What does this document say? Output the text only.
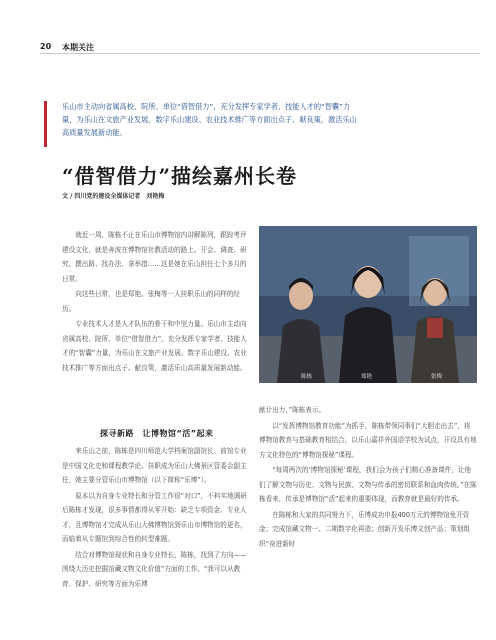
20 本期关注
乐山市主动向省属高校、院所、单位“借智借力”，充分发挥专家学者、技能人才的“智囊”力量，为乐山在文旅产业发展、数字乐山建设、农业技术推广等方面出点子、献良策，激活乐山高质量发展新动能。
“借智借力”描绘嘉州长卷
文 / 四川党的建设全媒体记者　刘艳梅

就近一周，陈栋不止在乐山市博物馆内讲解陈列，跟踪考评建设文化，就是奔波在博物馆社教活动的路上。开会、调查、研究、撰出路、找办法、拿举措……这是她在乐山担任七个多月的日常。

向这些日常，也是郑艳、张梅等一人挂职乐山的同样的经历。

专业技术人才是人才队伍的骨干和中坚力量。乐山市主动向省属高校、院所、单位“借智借力”，充分发挥专家学者、技能人才的“智囊”力量，为乐山在文旅产业发展、数字乐山建设、农业技术推广等方面出点子、献良策，激活乐山高质量发展新动能。

陈栋	郑艳	张梅
探寻新路　让博物馆“活”起来

来乐山之前，陈栋是四川师范大学档案馆副馆长、前馆专业是中国文化史和课程教学论。挂职成为乐山大佛景区管委会副主任，她主要分管乐山市博物馆（以下简称“乐博”）。

原本以为自身专业特长和分管工作很“对口”，不料实地调研后陈栋才发现，很多事情都得从零开始：缺乏专项资金、专业人才，且博物馆才完成从乐山大佛博物馆到乐山市博物馆的更名，而临着从专题馆到综合性的转型难题。

结合对博物馆现状和自身专业特长，陈栋，找到了方向——围绕大历史挖掘馆藏文物文化价值”方面的工作。“我可以从教育、保护、研究等方面为乐博

献计出力，”陈栋表示。

以“发挥博物馆教育功能”为抓手，陈栋带领同事们“大胆走出去”，将博物馆教育与基础教育相结合，以乐山嘉祥外国语学校为试点，开设具有地方文化特色的“博物馆探秘”课程。

“每周两次的‘博物馆探秘’课程，我们会为孩子们精心准备课件，让他们了解文物与历史、文物与民族、文物与传承的密切联系和血肉传统。”在陈栋看来，传承是博物馆“活”起来的重要体现，而教育就是最好的传承。

在陈栋和大家的共同努力下，乐博成功申报400万元的博物馆免开资金；完成馆藏文物一、二期数字化再造；创新开发乐博文创产品；策划组织“奋进新时
